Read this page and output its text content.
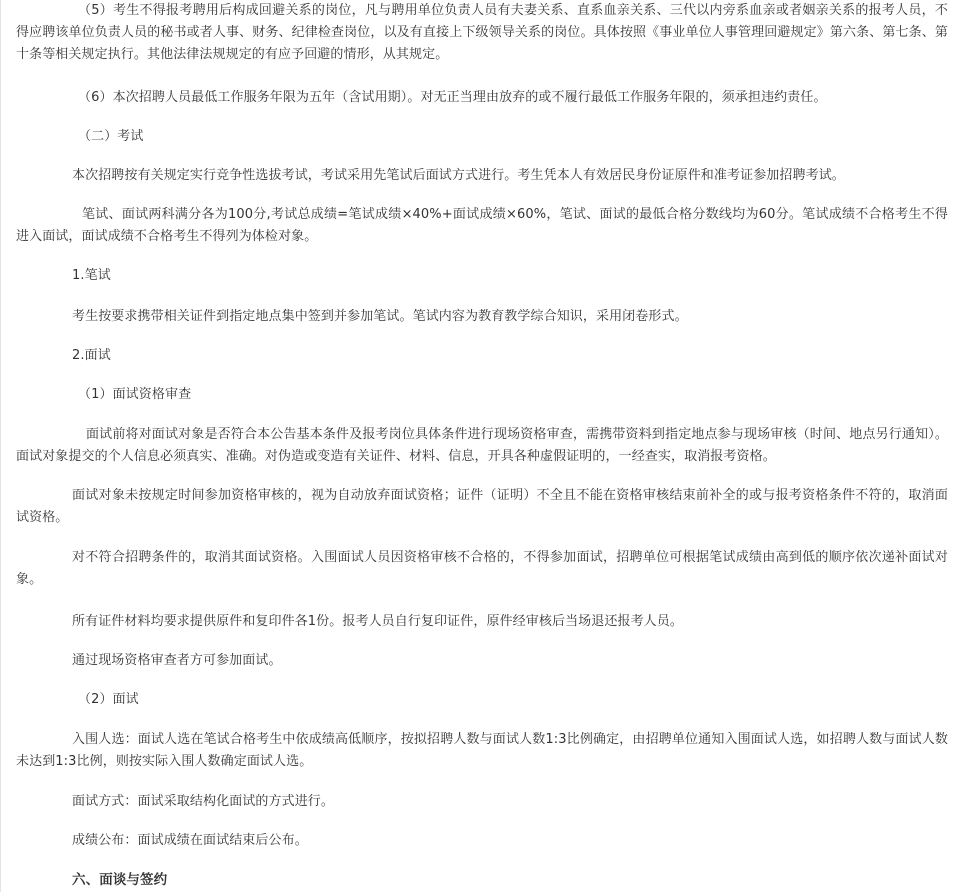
（5）考生不得报考聘用后构成回避关系的岗位，凡与聘用单位负责人员有夫妻关系、直系血亲关系、三代以内旁系血亲或者姻亲关系的报考人员，不得应聘该单位负责人员的秘书或者人事、财务、纪律检查岗位，以及有直接上下级领导关系的岗位。具体按照《事业单位人事管理回避规定》第六条、第七条、第十条等相关规定执行。其他法律法规规定的有应予回避的情形，从其规定。

（6）本次招聘人员最低工作服务年限为五年（含试用期）。对无正当理由放弃的或不履行最低工作服务年限的，须承担违约责任。

（二）考试

本次招聘按有关规定实行竞争性选拔考试，考试采用先笔试后面试方式进行。考生凭本人有效居民身份证原件和准考证参加招聘考试。

笔试、面试两科满分各为100分,考试总成绩=笔试成绩×40%+面试成绩×60%，笔试、面试的最低合格分数线均为60分。笔试成绩不合格考生不得进入面试，面试成绩不合格考生不得列为体检对象。

1.笔试

考生按要求携带相关证件到指定地点集中签到并参加笔试。笔试内容为教育教学综合知识，采用闭卷形式。

2.面试

（1）面试资格审查

面试前将对面试对象是否符合本公告基本条件及报考岗位具体条件进行现场资格审查，需携带资料到指定地点参与现场审核（时间、地点另行通知）。面试对象提交的个人信息必须真实、准确。对伪造或变造有关证件、材料、信息，开具各种虚假证明的，一经查实，取消报考资格。

面试对象未按规定时间参加资格审核的，视为自动放弃面试资格；证件（证明）不全且不能在资格审核结束前补全的或与报考资格条件不符的，取消面试资格。

对不符合招聘条件的，取消其面试资格。入围面试人员因资格审核不合格的，不得参加面试，招聘单位可根据笔试成绩由高到低的顺序依次递补面试对象。

所有证件材料均要求提供原件和复印件各1份。报考人员自行复印证件，原件经审核后当场退还报考人员。

通过现场资格审查者方可参加面试。

（2）面试

入围人选：面试人选在笔试合格考生中依成绩高低顺序，按拟招聘人数与面试人数1:3比例确定，由招聘单位通知入围面试人选，如招聘人数与面试人数未达到1:3比例，则按实际入围人数确定面试人选。

面试方式：面试采取结构化面试的方式进行。

成绩公布：面试成绩在面试结束后公布。

六、面谈与签约
